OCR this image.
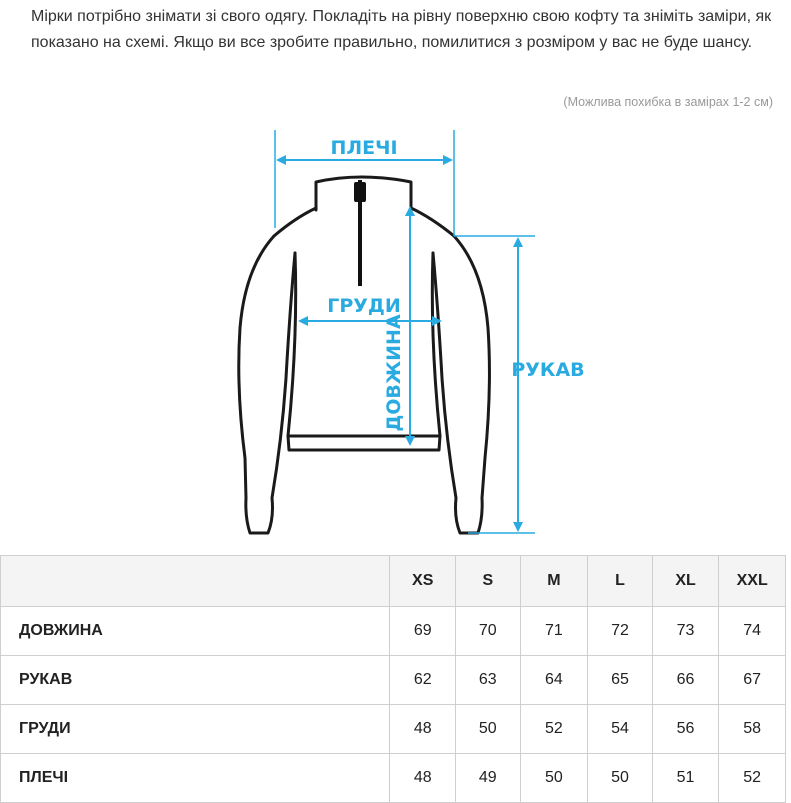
Мірки потрібно знімати зі свого одягу. Покладіть на рівну поверхню свою кофту та зніміть заміри, як показано на схемі. Якщо ви все зробите правильно, помилитися з розміром у вас не буде шансу.

(Можлива похибка в замірах 1-2 см)

ПЛЕЧІ
ГРУДИ
ДОВЖИНА	РУКАВ
	XS	S	M	L	XL	XXL
ДОВЖИНА	69	70	71	72	73	74
РУКАВ	62	63	64	65	66	67
ГРУДИ	48	50	52	54	56	58
ПЛЕЧІ	48	49	50	50	51	52
